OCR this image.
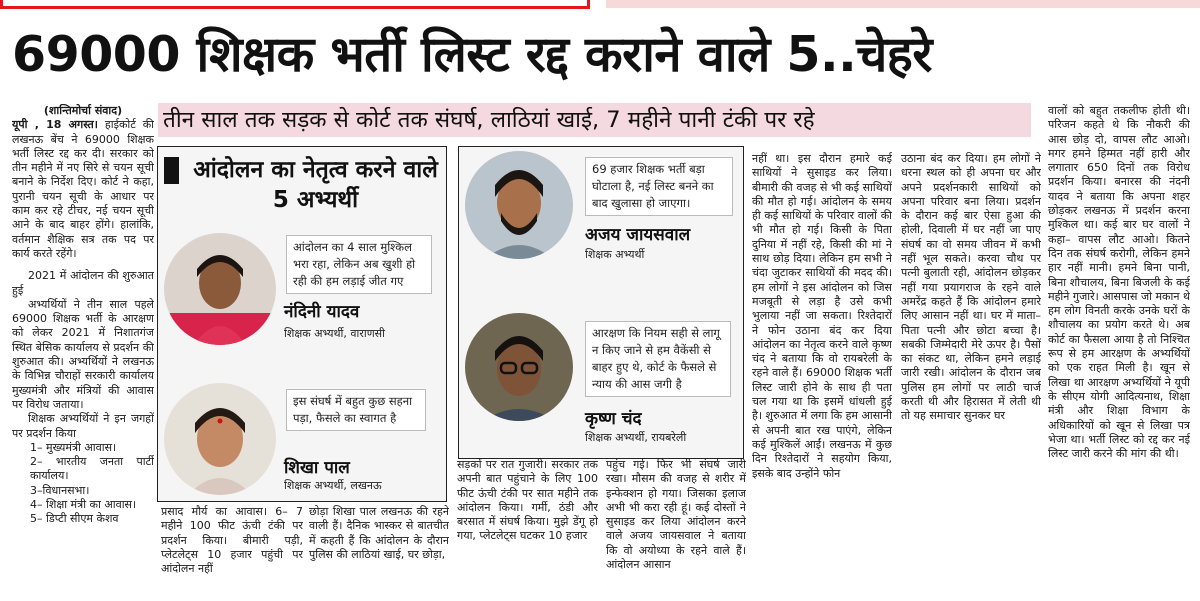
69000 शिक्षक भर्ती लिस्ट रद्द कराने वाले 5..चेहरे
तीन साल तक सड़क से कोर्ट तक संघर्ष, लाठियां खाई, 7 महीने पानी टंकी पर रहे
(शान्तिमोर्चा संवाद)

यूपी , 18 अगस्त। हाईकोर्ट की लखनऊ बेंच ने 69000 शिक्षक भर्ती लिस्ट रद्द कर दी। सरकार को तीन महीने में नए सिरे से चयन सूची बनाने के निर्देश दिए। कोर्ट ने कहा, पुरानी चयन सूची के आधार पर काम कर रहे टीचर, नई चयन सूची आने के बाद बाहर होंगे। हालांकि, वर्तमान शैक्षिक सत्र तक पद पर कार्य करते रहेंगे।

2021 में आंदोलन की शुरुआत हुई

अभ्यर्थियों ने तीन साल पहले 69000 शिक्षक भर्ती के आरक्षण को लेकर 2021 में निशातगंज स्थित बेसिक कार्यालय से प्रदर्शन की शुरुआत की। अभ्यर्थियों ने लखनऊ के विभिन्न चौराहों सरकारी कार्यालय मुख्यमंत्री और मंत्रियों की आवास पर विरोध जताया।

शिक्षक अभ्यर्थियों ने इन जगहों पर प्रदर्शन किया

1– मुख्यमंत्री आवास।
2– भारतीय जनता पार्टी कार्यालय।
3–विधानसभा।
4– शिक्षा मंत्री का आवास।
5– डिप्टी सीएम केशव
आंदोलन का नेतृत्व करने वाले 5 अभ्यर्थी
आंदोलन का 4 साल मुश्किल भरा रहा, लेकिन अब खुशी हो रही की हम लड़ाई जीत गए
नंदिनी यादव
शिक्षक अभ्यर्थी, वाराणसी
इस संघर्ष में बहुत कुछ सहना पड़ा, फैसले का स्वागत है
शिखा पाल
शिक्षक अभ्यर्थी, लखनऊ
69 हजार शिक्षक भर्ती बड़ा घोटाला है, नई लिस्ट बनने का बाद खुलासा हो जाएगा।
अजय जायसवाल
शिक्षक अभ्यर्थी
आरक्षण कि नियम सही से लागू न किए जाने से हम वैकेंसी से बाहर हुए थे, कोर्ट के फैसले से न्याय की आस जगी है
कृष्ण चंद
शिक्षक अभ्यर्थी, रायबरेली
प्रसाद मौर्य का आवास। 6– 7 महीने 100 फीट ऊंची टंकी पर प्रदर्शन किया। बीमारी पड़ी, प्लेटलेट्स 10 हजार पहुंची पर आंदोलन नहीं
छोड़ा शिखा पाल लखनऊ की रहने वाली हैं। दैनिक भास्कर से बातचीत में कहती हैं कि आंदोलन के दौरान पुलिस की लाठियां खाई, घर छोड़ा,
सड़कों पर रात गुजारी। सरकार तक अपनी बात पहुंचाने के लिए 100 फीट ऊंची टंकी पर सात महीने तक आंदोलन किया। गर्मी, ठंडी और बरसात में संघर्ष किया। मुझे डेंगू हो गया, प्लेटलेट्स घटकर 10 हजार
पहुंच गई। फिर भी संघर्ष जारी रखा। मौसम की वजह से शरीर में इन्फेक्शन हो गया। जिसका इलाज अभी भी करा रही हूं। कई दोस्तों ने सुसाइड कर लिया आंदोलन करने वाले अजय जायसवाल ने बताया कि वो अयोध्या के रहने वाले हैं। आंदोलन आसान
नहीं था। इस दौरान हमारे कई साथियों ने सुसाइड कर लिया। बीमारी की वजह से भी कई साथियों की मौत हो गई। आंदोलन के समय ही कई साथियों के परिवार वालों की भी मौत हो गई। किसी के पिता दुनिया में नहीं रहे, किसी की मां ने साथ छोड़ दिया। लेकिन हम सभी ने चंदा जुटाकर साथियों की मदद की। हम लोगों ने इस आंदोलन को जिस मजबूती से लड़ा है उसे कभी भुलाया नहीं जा सकता। रिश्तेदारों ने फोन उठाना बंद कर दिया आंदोलन का नेतृत्व करने वाले कृष्ण चंद ने बताया कि वो रायबरेली के रहने वाले हैं। 69000 शिक्षक भर्ती लिस्ट जारी होने के साथ ही पता चल गया था कि इसमें धांधली हुई है। शुरुआत में लगा कि हम आसानी से अपनी बात रख पाएंगे, लेकिन कई मुश्किलें आईं। लखनऊ में कुछ दिन रिश्तेदारों ने सहयोग किया, इसके बाद उन्होंने फोन
उठाना बंद कर दिया। हम लोगों ने धरना स्थल को ही अपना घर और अपने प्रदर्शनकारी साथियों को अपना परिवार बना लिया। प्रदर्शन के दौरान कई बार ऐसा हुआ की होली, दिवाली में घर नहीं जा पाए संघर्ष का वो समय जीवन में कभी नहीं भूल सकते। करवा चौथ पर पत्नी बुलाती रही, आंदोलन छोड़कर नहीं गया प्रयागराज के रहने वाले अमरेंद्र कहते हैं कि आंदोलन हमारे लिए आसान नहीं था। घर में माता–पिता पत्नी और छोटा बच्चा है। सबकी जिम्मेदारी मेरे ऊपर है। पैसों का संकट था, लेकिन हमने लड़ाई जारी रखी। आंदोलन के दौरान जब पुलिस हम लोगों पर लाठी चार्ज करती थी और हिरासत में लेती थी तो यह समाचार सुनकर घर
वालों को बहुत तकलीफ होती थी। परिजन कहते थे कि नौकरी की आस छोड़ दो, वापस लौट आओ। मगर हमने हिम्मत नहीं हारी और लगातार 650 दिनों तक विरोध प्रदर्शन किया। बनारस की नंदनी यादव ने बताया कि अपना शहर छोड़कर लखनऊ में प्रदर्शन करना मुश्किल था। कई बार घर वालों ने कहा– वापस लौट आओ। कितने दिन तक संघर्ष करोगी, लेकिन हमने हार नहीं मानी। हमने बिना पानी, बिना शौचालय, बिना बिजली के कई महीने गुजारे। आसपास जो मकान थे हम लोग विनती करके उनके घरों के शौचालय का प्रयोग करते थे। अब कोर्ट का फैसला आया है तो निश्चित रूप से हम आरक्षण के अभ्यर्थियों को एक राहत मिली है। खून से लिखा था आरक्षण अभ्यर्थियों ने यूपी के सीएम योगी आदित्यनाथ, शिक्षा मंत्री और शिक्षा विभाग के अधिकारियों को खून से लिखा पत्र भेजा था। भर्ती लिस्ट को रद्द कर नई लिस्ट जारी करने की मांग की थी।
